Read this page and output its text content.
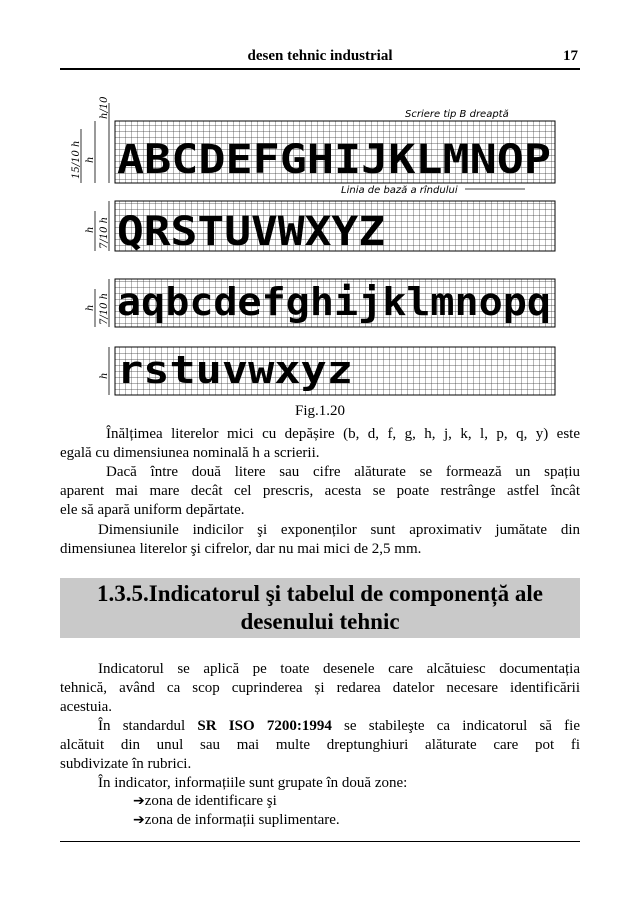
desen tehnic industrial	17
Scriere tip B dreaptă
Linia de bază a rîndului
ABCDEFGHIJKLMNOP
QRSTUVWXYZ
aqbcdefghijklmnopq
rstuvwxyz
h/10
h
15/10 h
h 7/10 h
h 7/10 h
h
Fig.1.20
Înălțimea literelor mici cu depășire (b, d, f, g, h, j, k, l, p, q, y) este
egală cu dimensiunea nominală h a scrierii.
Dacă între două litere sau cifre alăturate se formează un spațiu
aparent mai mare decât cel prescris, acesta se poate restrânge astfel încât
ele să apară uniform depărtate.
Dimensiunile indicilor şi exponenților sunt aproximativ jumătate din
dimensiunea literelor şi cifrelor, dar nu mai mici de 2,5 mm.
1.3.5.Indicatorul şi tabelul de componență ale
desenului tehnic
Indicatorul se aplică pe toate desenele care alcătuiesc documentația
tehnică, având ca scop cuprinderea și redarea datelor necesare identificării
acestuia.
În standardul SR ISO 7200:1994 se stabileşte ca indicatorul să fie
alcătuit din unul sau mai multe dreptunghiuri alăturate care pot fi
subdivizate în rubrici.
În indicator, informațiile sunt grupate în două zone:
➔zona de identificare şi
➔zona de informații suplimentare.
